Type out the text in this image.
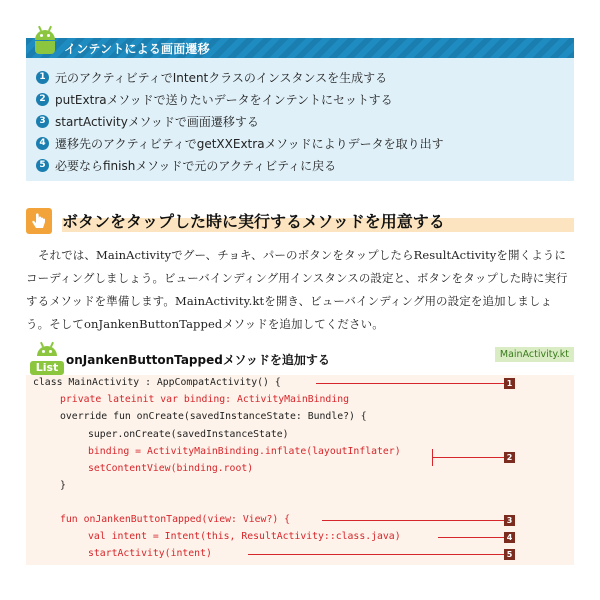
インテントによる画面遷移
1 元のアクティビティでIntentクラスのインスタンスを生成する
2 putExtraメソッドで送りたいデータをインテントにセットする
3 startActivityメソッドで画面遷移する
4 遷移先のアクティビティでgetXXExtraメソッドによりデータを取り出す
5 必要ならfinishメソッドで元のアクティビティに戻る
ボタンをタップした時に実行するメソッドを用意する

それでは、MainActivityでグー、チョキ、パーのボタンをタップしたらResultActivityを開くようにコーディングしましょう。ビューバインディング用インスタンスの設定と、ボタンをタップした時に実行するメソッドを準備します。MainActivity.ktを開き、ビューバインディング用の設定を追加しましょう。そしてonJankenButtonTappedメソッドを追加してください。

List
onJankenButtonTappedメソッドを追加する	MainActivity.kt
class MainActivity : AppCompatActivity() {
private lateinit var binding: ActivityMainBinding
override fun onCreate(savedInstanceState: Bundle?) {
super.onCreate(savedInstanceState)
binding = ActivityMainBinding.inflate(layoutInflater)
setContentView(binding.root)
}
fun onJankenButtonTapped(view: View?) {
val intent = Intent(this, ResultActivity::class.java)
startActivity(intent)
1
2
3
4
5
